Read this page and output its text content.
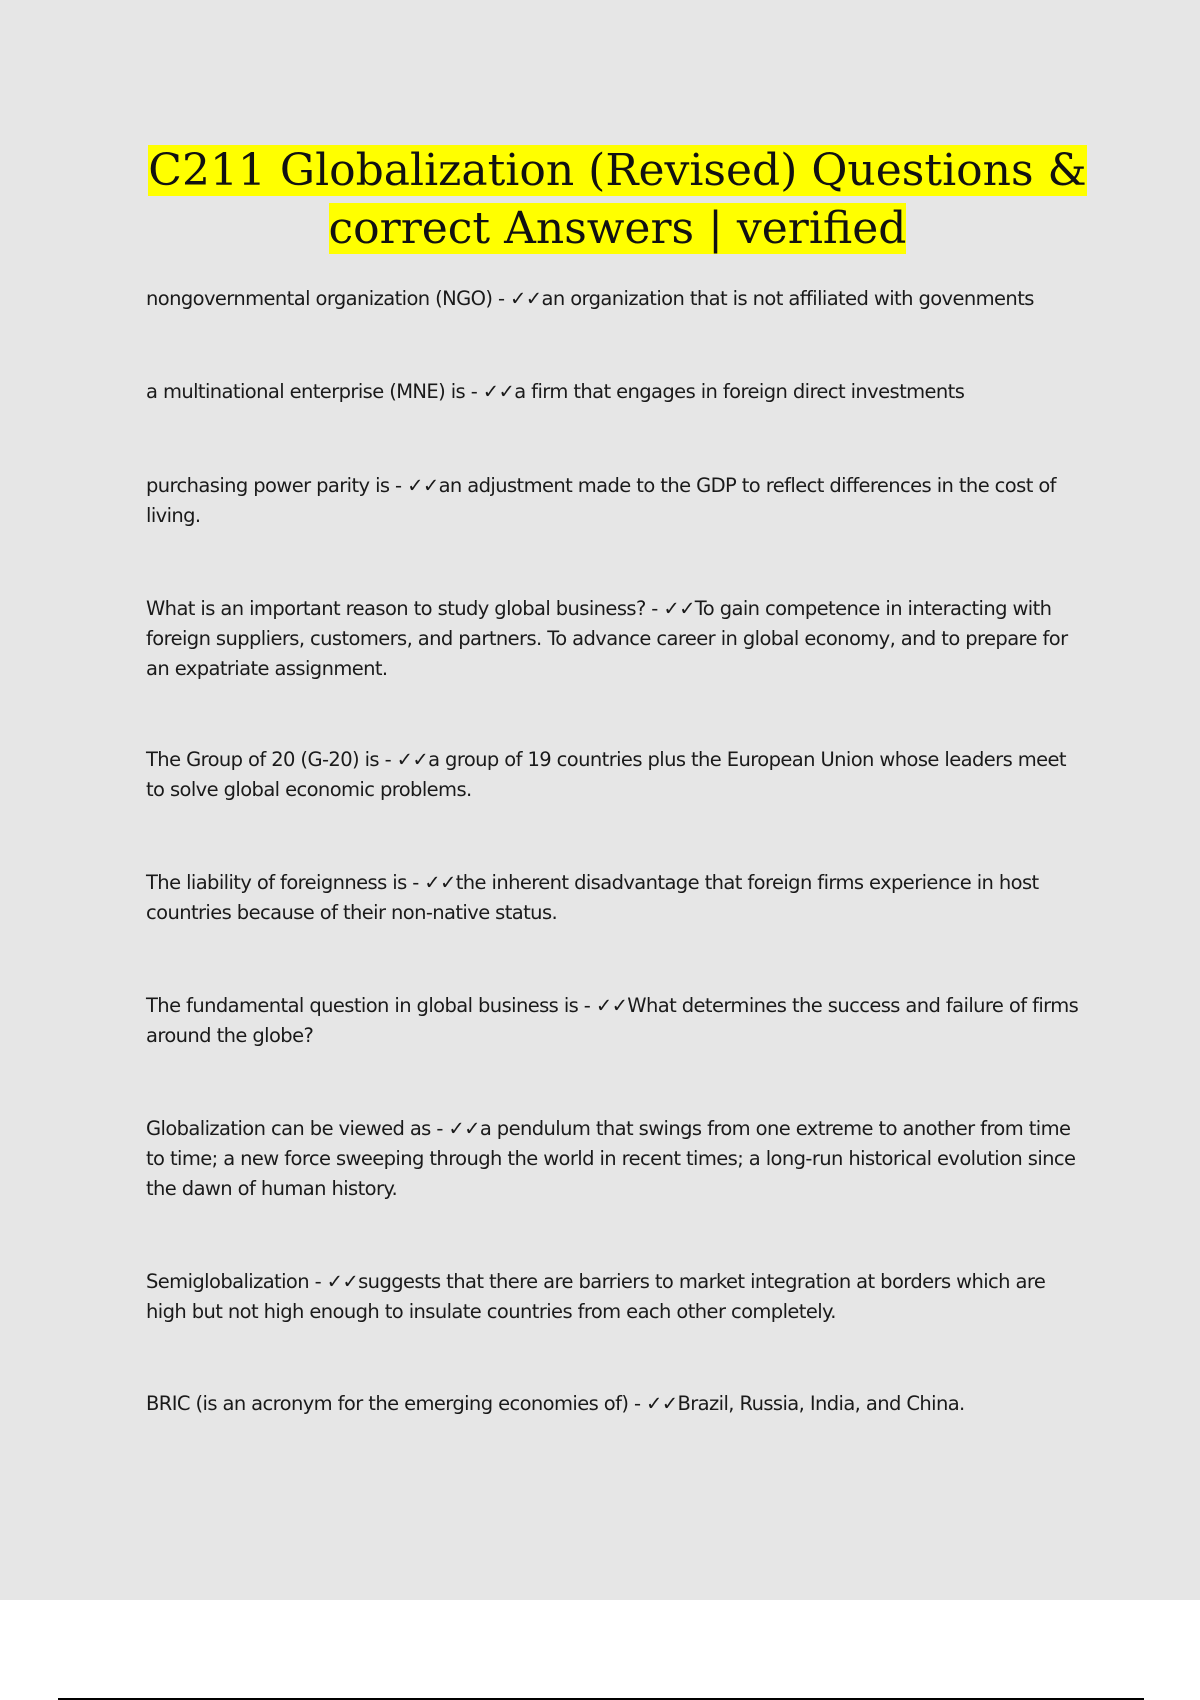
C211 Globalization (Revised) Questions & correct Answers | verified

nongovernmental organization (NGO) - ✓✓an organization that is not affiliated with govenments

a multinational enterprise (MNE) is - ✓✓a firm that engages in foreign direct investments

purchasing power parity is - ✓✓an adjustment made to the GDP to reflect differences in the cost of living.

What is an important reason to study global business? - ✓✓To gain competence in interacting with foreign suppliers, customers, and partners. To advance career in global economy, and to prepare for an expatriate assignment.

The Group of 20 (G-20) is - ✓✓a group of 19 countries plus the European Union whose leaders meet to solve global economic problems.

The liability of foreignness is - ✓✓the inherent disadvantage that foreign firms experience in host countries because of their non-native status.

The fundamental question in global business is - ✓✓What determines the success and failure of firms around the globe?

Globalization can be viewed as - ✓✓a pendulum that swings from one extreme to another from time to time; a new force sweeping through the world in recent times; a long-run historical evolution since the dawn of human history.

Semiglobalization - ✓✓suggests that there are barriers to market integration at borders which are high but not high enough to insulate countries from each other completely.

BRIC (is an acronym for the emerging economies of) - ✓✓Brazil, Russia, India, and China.
